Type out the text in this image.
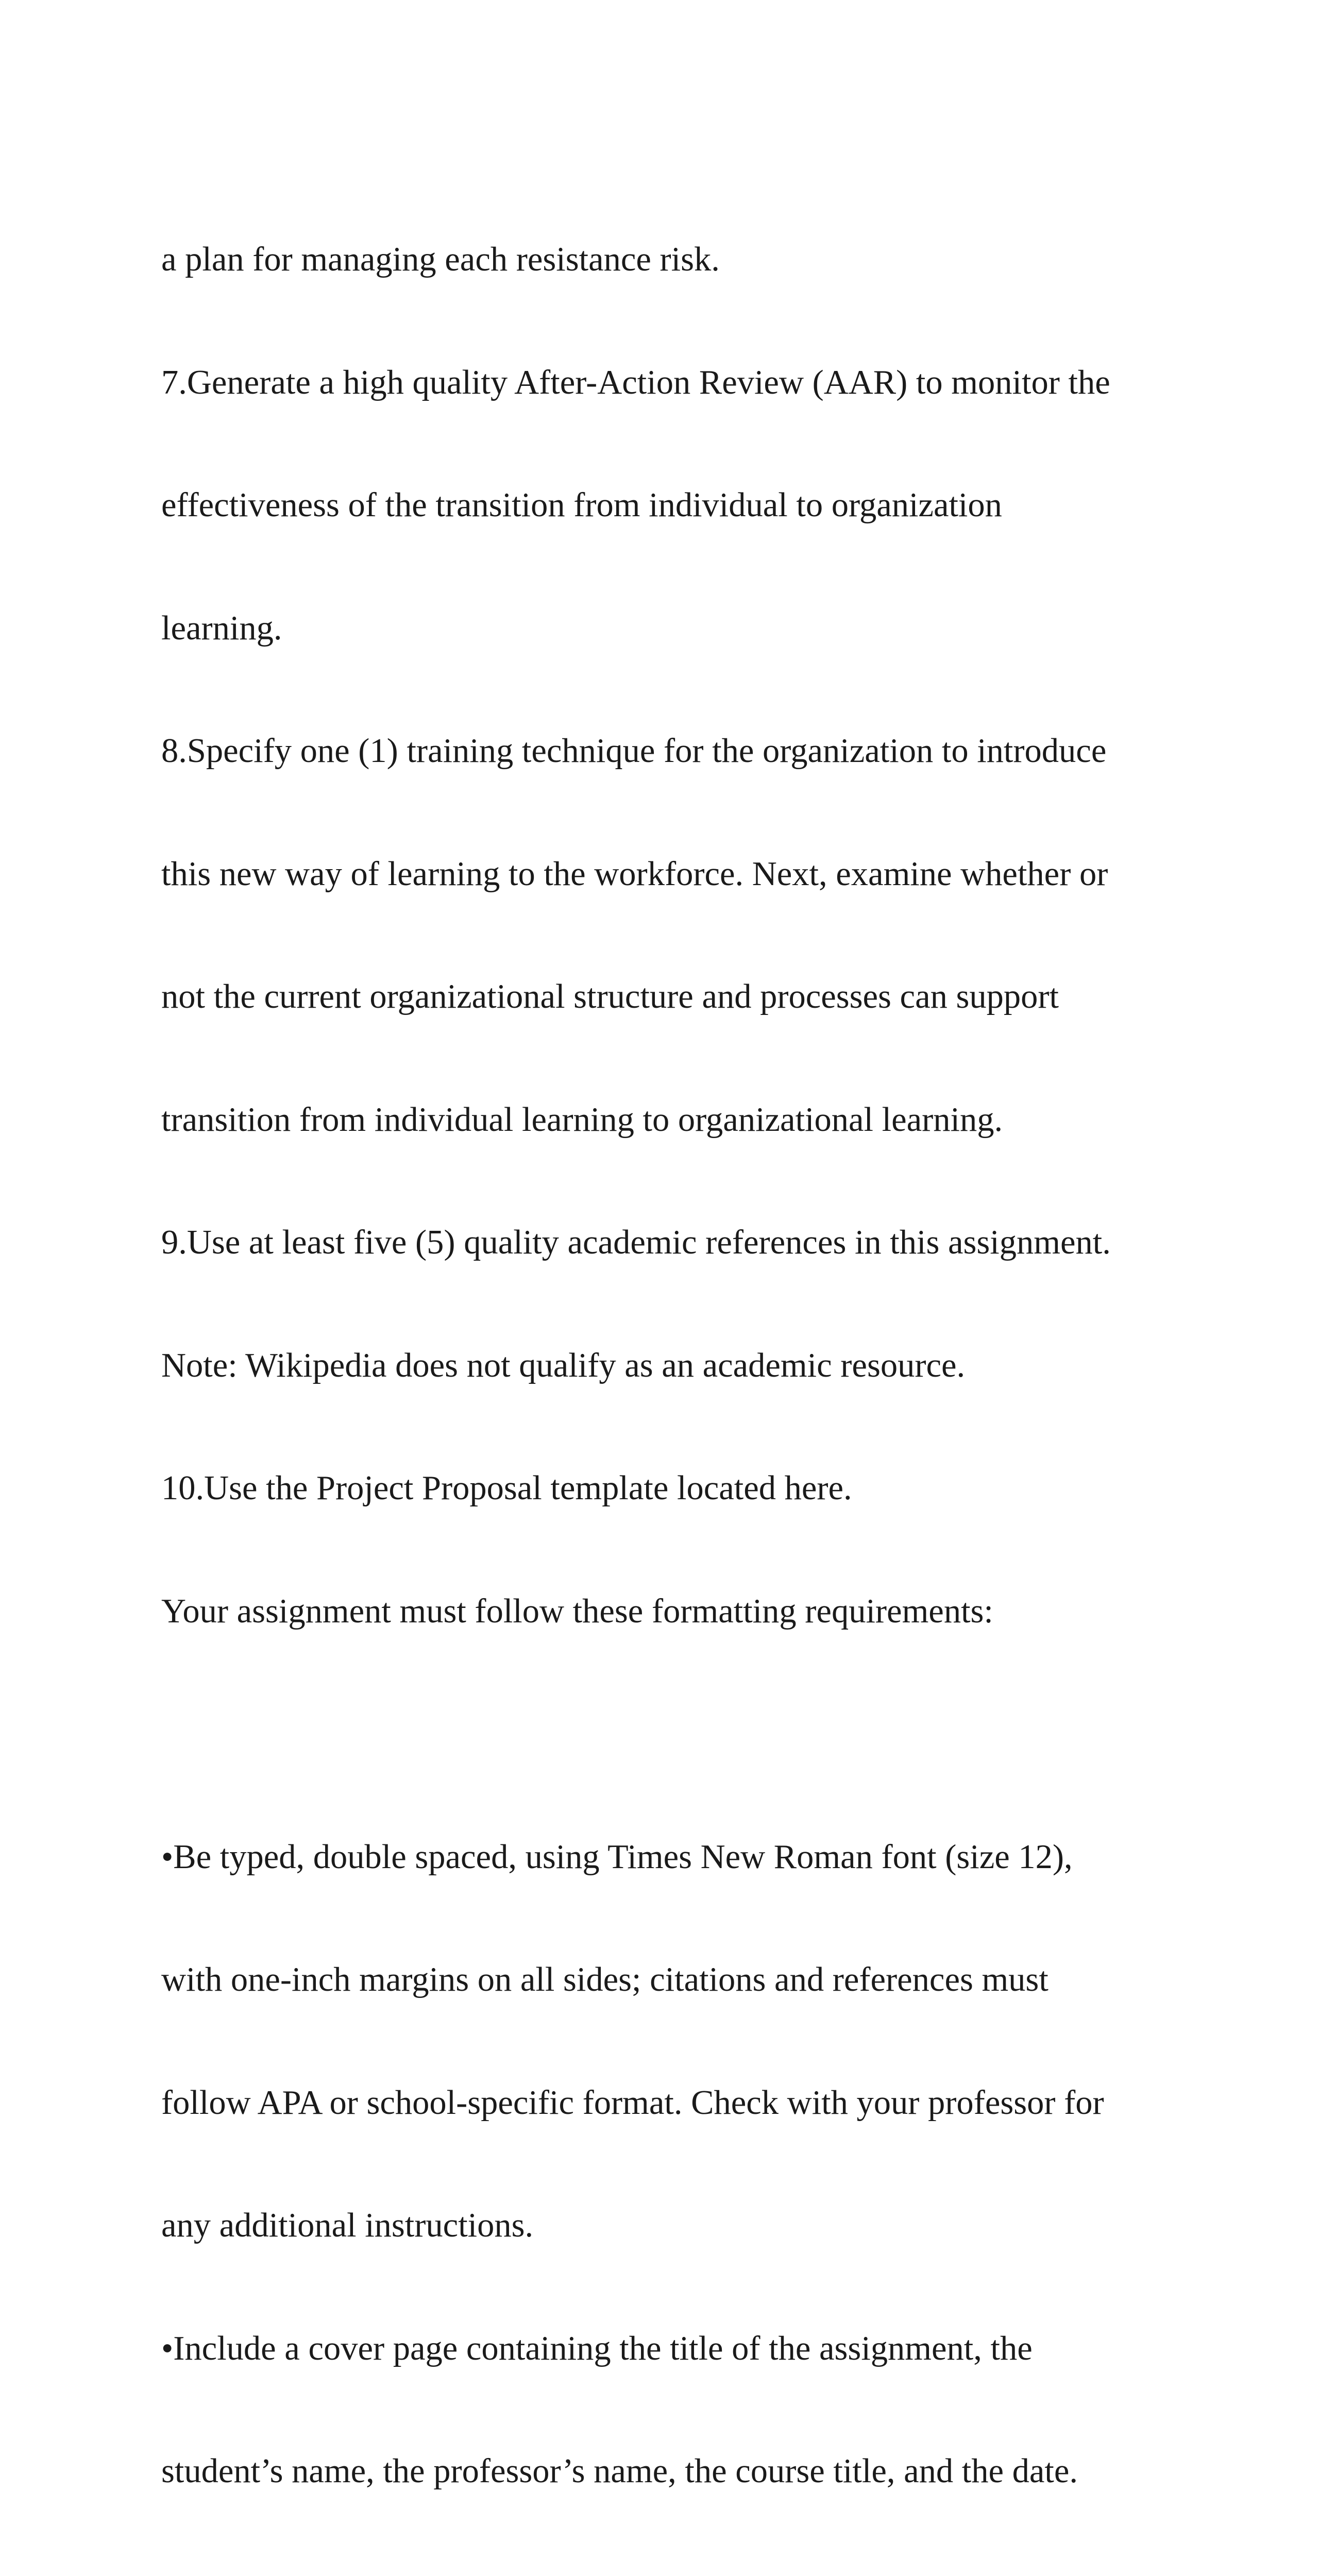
a plan for managing each resistance risk.

7.Generate a high quality After-Action Review (AAR) to monitor the

effectiveness of the transition from individual to organization

learning.

8.Specify one (1) training technique for the organization to introduce

this new way of learning to the workforce. Next, examine whether or

not the current organizational structure and processes can support

transition from individual learning to organizational learning.

9.Use at least five (5) quality academic references in this assignment.

Note: Wikipedia does not qualify as an academic resource.

10.Use the Project Proposal template located here.

Your assignment must follow these formatting requirements:

•Be typed, double spaced, using Times New Roman font (size 12),

with one-inch margins on all sides; citations and references must

follow APA or school-specific format. Check with your professor for

any additional instructions.

•Include a cover page containing the title of the assignment, the

student’s name, the professor’s name, the course title, and the date.
